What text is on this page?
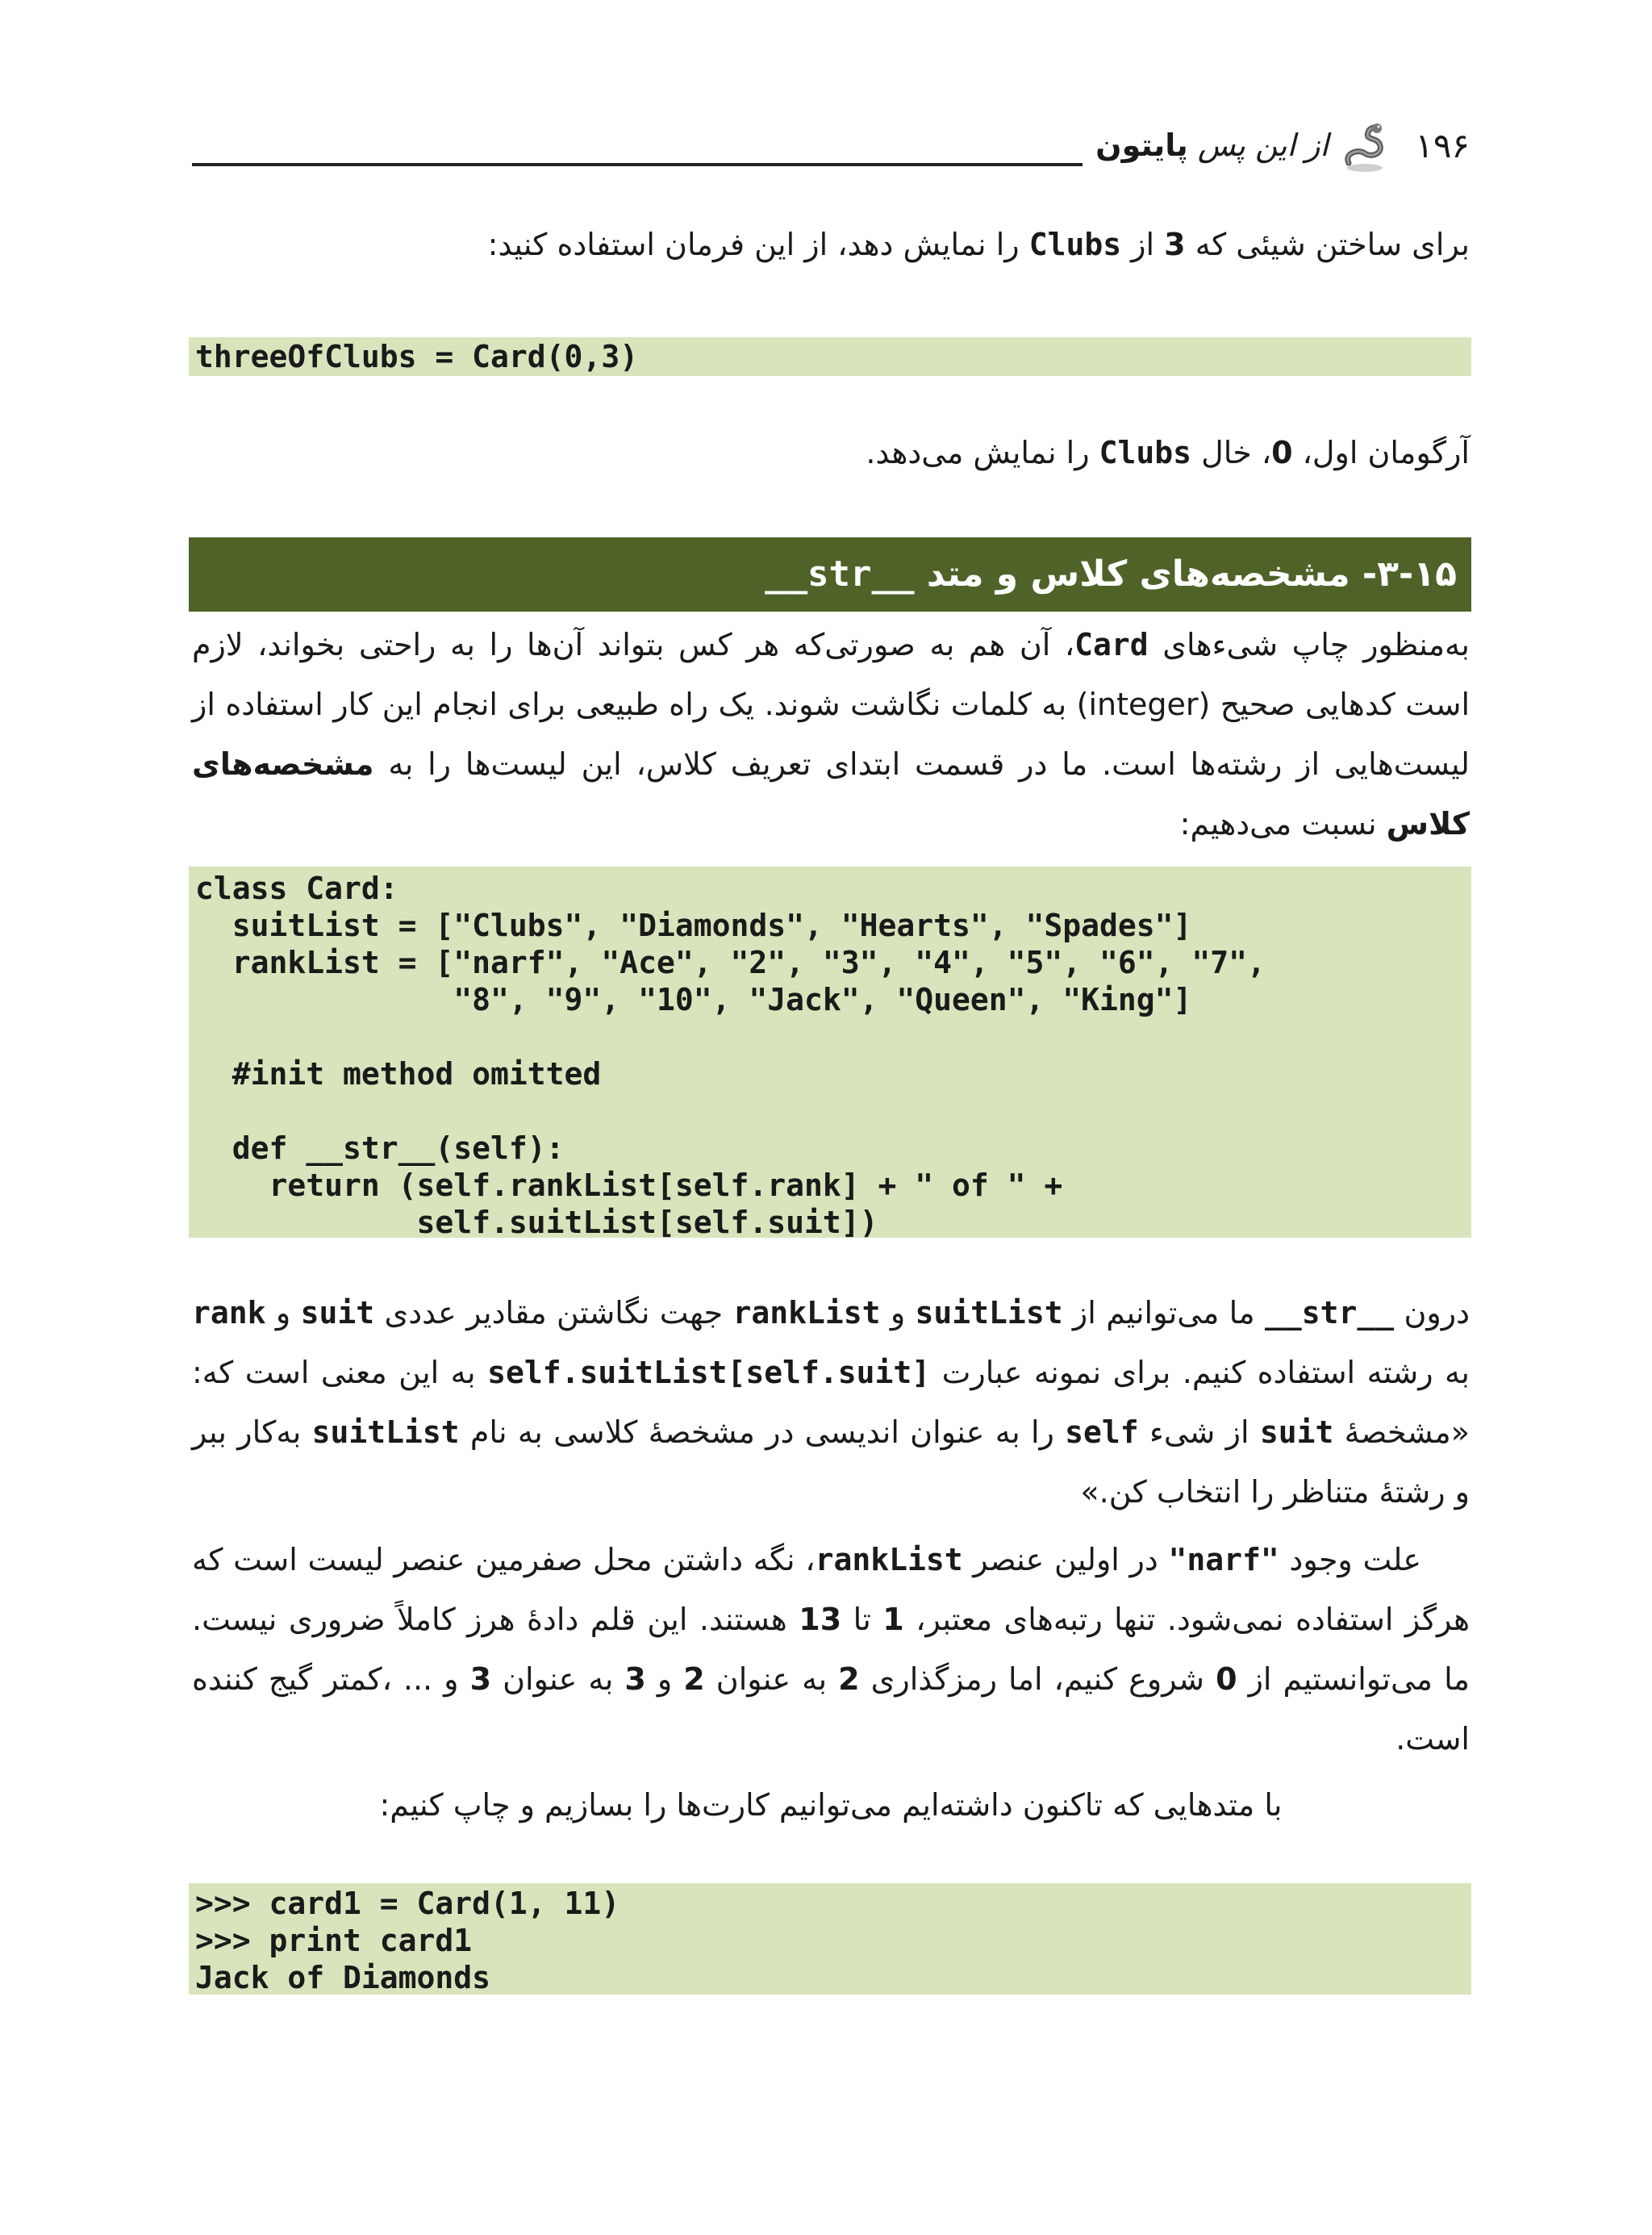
۱۹۶
از این پس پایتون
برای ساختن شیئی که 3 از Clubs را نمایش دهد، از این فرمان استفاده کنید:
threeOfClubs = Card(0,3)
آرگومان اول، 0، خال Clubs را نمایش می‌دهد.
۳-۱۵- مشخصه‌های کلاس و متد __str__
به‌منظور چاپ شیء‌های Card، آن هم به صورتی‌که هر کس بتواند آن‌ها را به راحتی بخواند، لازم است کدهایی صحیح (integer) به کلمات نگاشت شوند. یک راه طبیعی برای انجام این کار استفاده از لیست‌هایی از رشته‌ها است. ما در قسمت ابتدای تعریف کلاس، این لیست‌ها را به مشخصه‌های کلاس نسبت می‌دهیم:
class Card:
suitList = ["Clubs", "Diamonds", "Hearts", "Spades"]
rankList = ["narf", "Ace", "2", "3", "4", "5", "6", "7",
"8", "9", "10", "Jack", "Queen", "King"]

#init method omitted

def __str__(self):
return (self.rankList[self.rank] + " of " +
self.suitList[self.suit])
درون __str__ ما می‌توانیم از suitList و rankList جهت نگاشتن مقادیر عددی suit و rank به رشته استفاده کنیم. برای نمونه عبارت self.suitList[self.suit] به این معنی است که: «مشخصهٔ suit از شیء self را به عنوان اندیسی در مشخصهٔ کلاسی به نام suitList به‌کار ببر و رشتهٔ متناظر را انتخاب کن.»
علت وجود "narf" در اولین عنصر rankList، نگه داشتن محل صفرمین عنصر لیست است که هرگز استفاده نمی‌شود. تنها رتبه‌های معتبر، 1 تا 13 هستند. این قلم دادهٔ هرز کاملاً ضروری نیست. ما می‌توانستیم از 0 شروع کنیم، اما رمزگذاری 2 به عنوان 2 و 3 به عنوان 3 و ... ،کمتر گیج کننده است.
با متدهایی که تاکنون داشته‌ایم می‌توانیم کارت‌ها را بسازیم و چاپ کنیم:
>>> card1 = Card(1, 11)
>>> print card1
Jack of Diamonds
